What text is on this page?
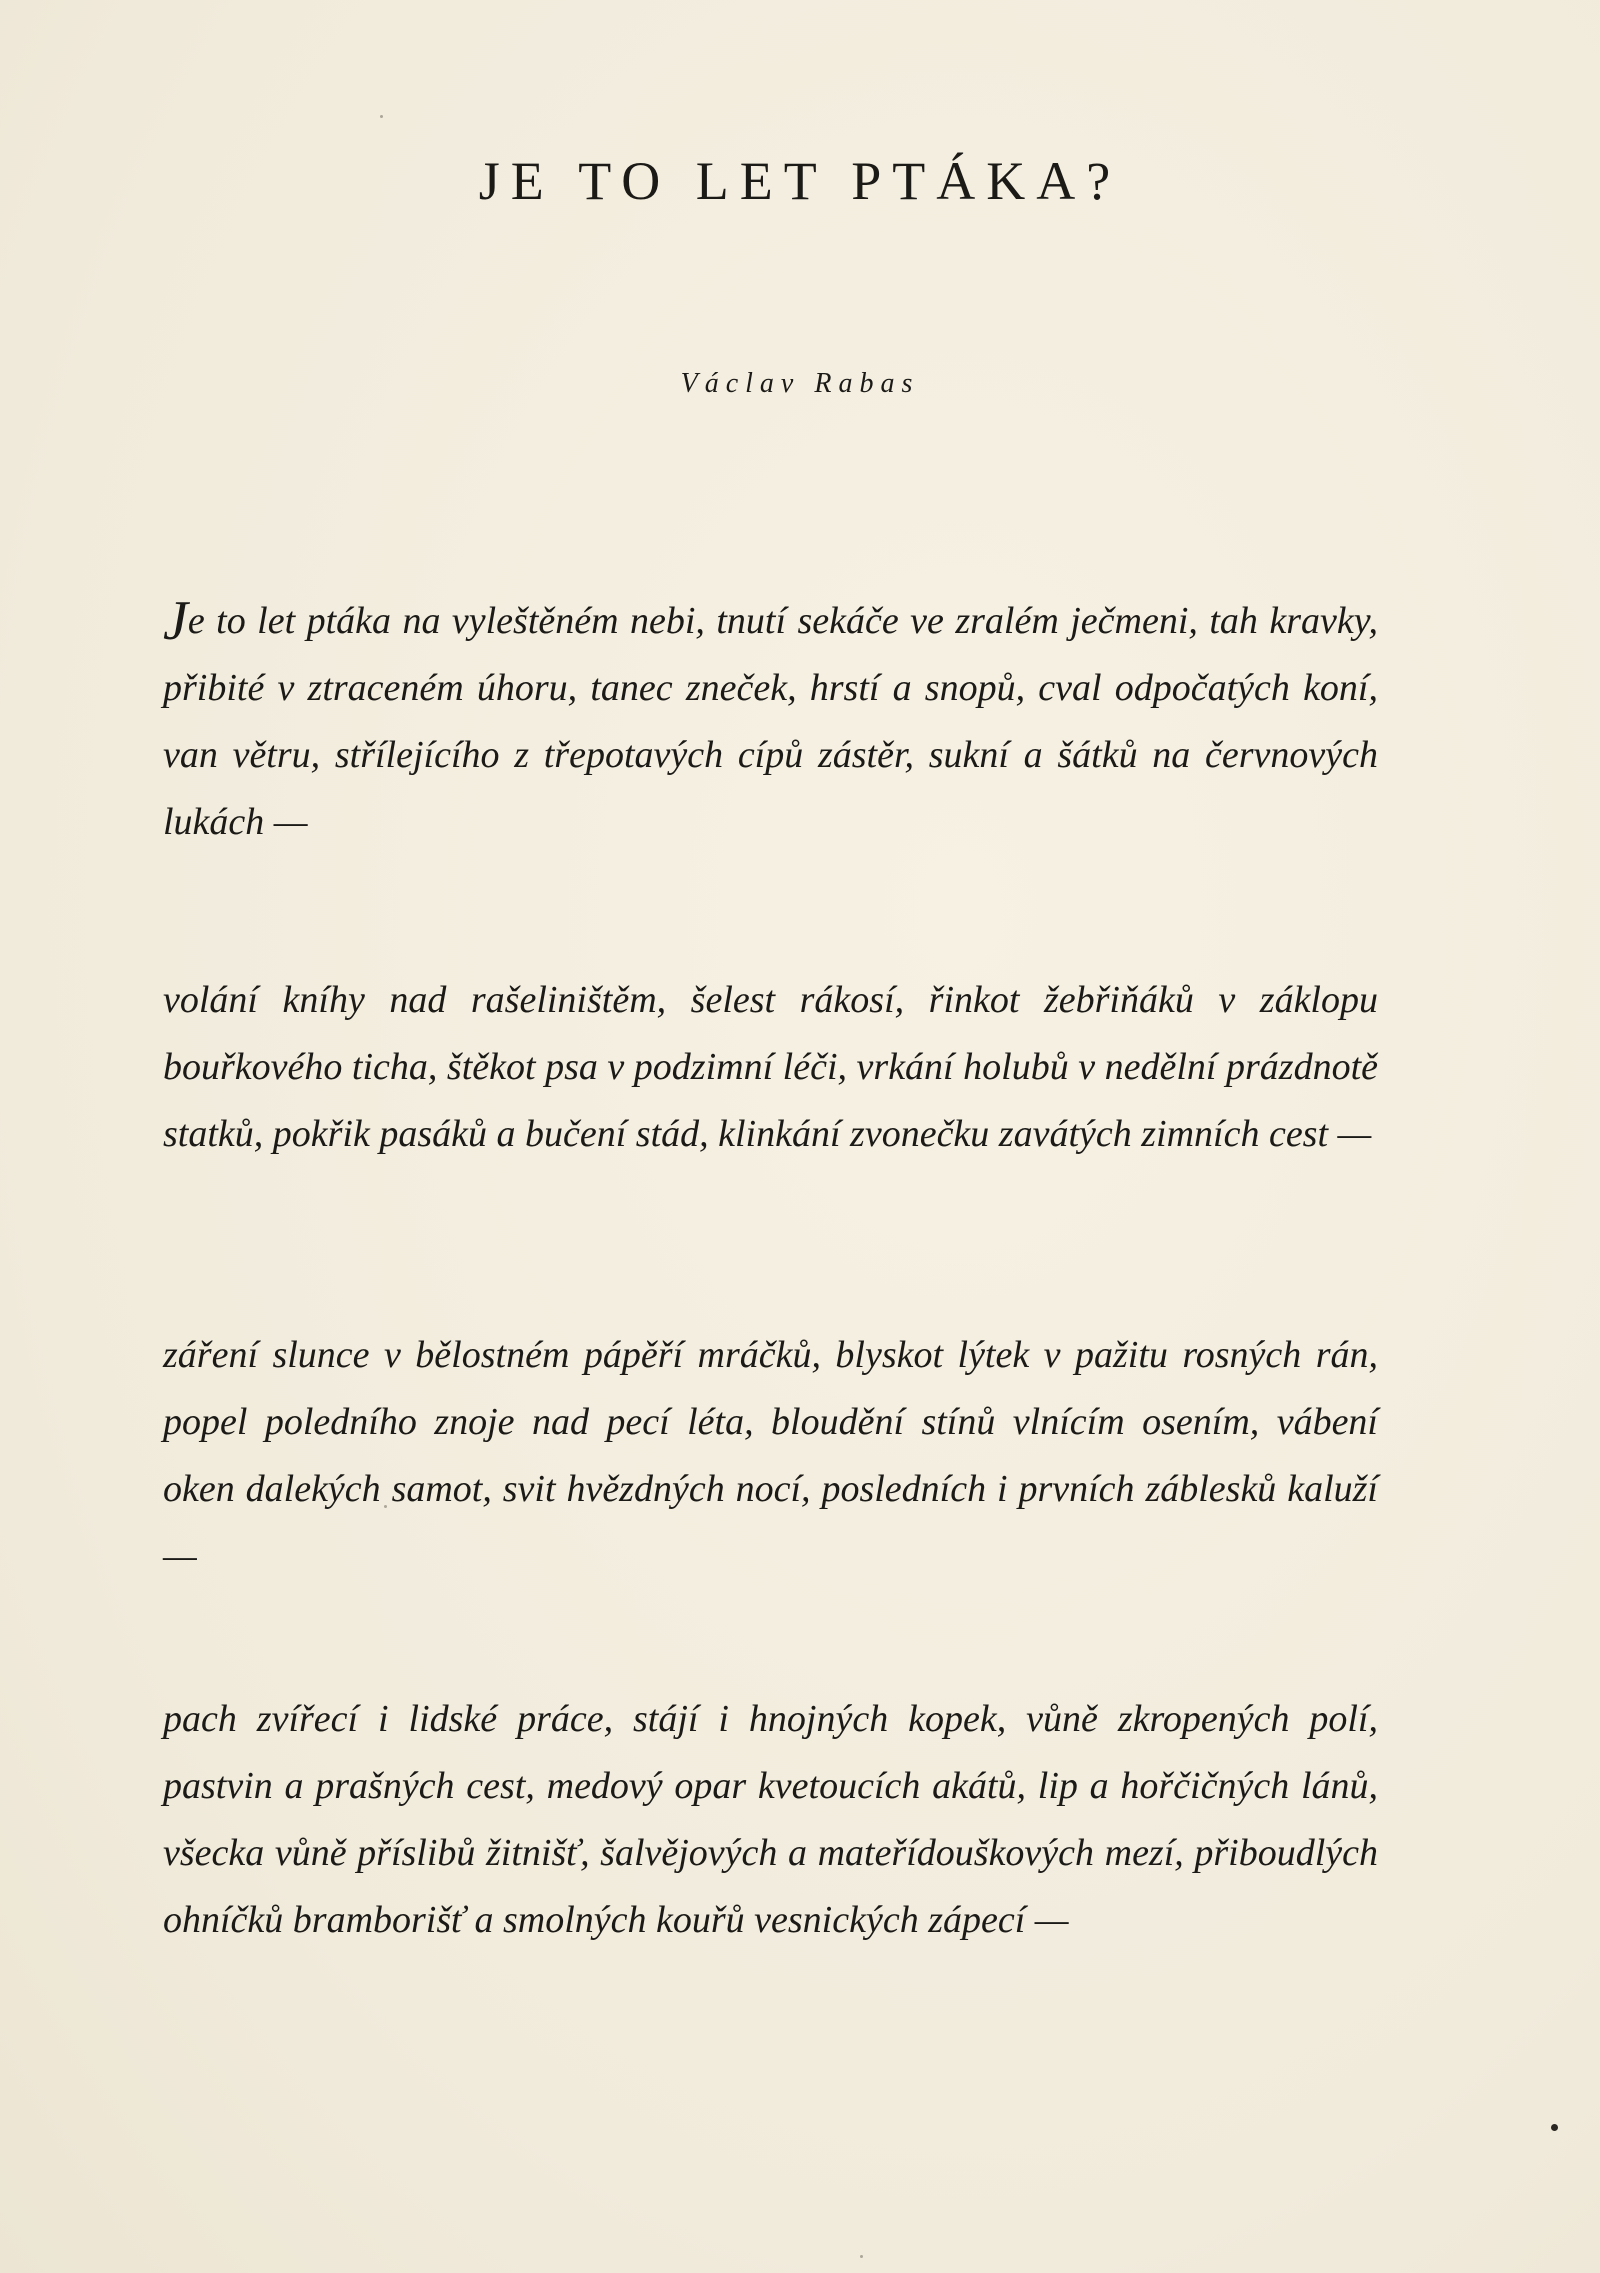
JE TO LET PTÁKA?

Václav Rabas

Je to let ptáka na vyleštěném nebi, tnutí sekáče ve zralém ječmeni, tah kravky, přibité v ztraceném úhoru, tanec zneček, hrstí a snopů, cval odpočatých koní, van větru, střílejícího z třepotavých cípů zástěr, sukní a šátků na červnových lukách —

volání kníhy nad rašeliništěm, šelest rákosí, řinkot žebřiňáků v záklopu bouřkového ticha, štěkot psa v podzimní léči, vrkání holubů v nedělní prázdnotě statků, pokřik pasáků a bučení stád, klinkání zvonečku zavátých zimních cest —

záření slunce v bělostném pápěří mráčků, blyskot lýtek v pažitu rosných rán, popel poledního znoje nad pecí léta, bloudění stínů vlnícím osením, vábení oken dalekých samot, svit hvězdných nocí, posledních i prvních záblesků kaluží —

pach zvířecí i lidské práce, stájí i hnojných kopek, vůně zkropených polí, pastvin a prašných cest, medový opar kvetoucích akátů, lip a hořčičných lánů, všecka vůně příslibů žitnišť, šalvějových a mateřídouškových mezí, přiboudlých ohníčků bramborišť a smolných kouřů vesnických zápecí —
